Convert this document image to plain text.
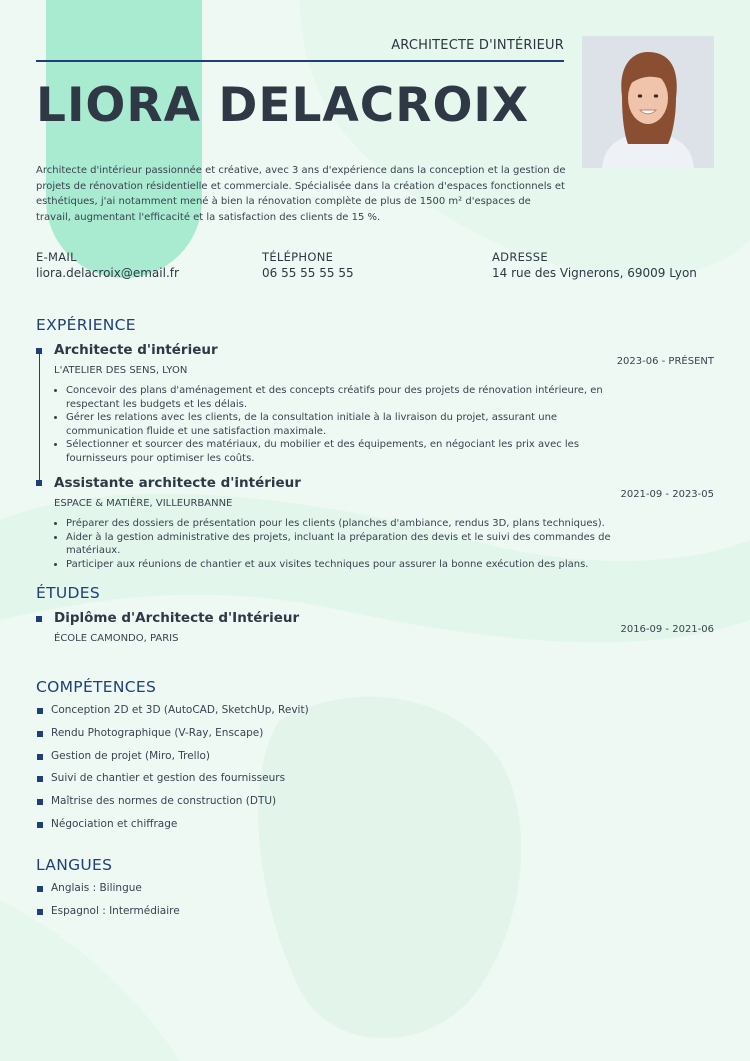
ARCHITECTE D'INTÉRIEUR
LIORA DELACROIX
Architecte d'intérieur passionnée et créative, avec 3 ans d'expérience dans la conception et la gestion de projets de rénovation résidentielle et commerciale. Spécialisée dans la création d'espaces fonctionnels et esthétiques, j'ai notamment mené à bien la rénovation complète de plus de 1500 m² d'espaces de travail, augmentant l'efficacité et la satisfaction des clients de 15 %.
E-MAIL
liora.delacroix@email.fr
TÉLÉPHONE
06 55 55 55 55
ADRESSE
14 rue des Vignerons, 69009 Lyon
EXPÉRIENCE
Architecte d'intérieur
2023-06 - PRÉSENT
L'ATELIER DES SENS, LYON
• Concevoir des plans d'aménagement et des concepts créatifs pour des projets de rénovation intérieure, en respectant les budgets et les délais.
• Gérer les relations avec les clients, de la consultation initiale à la livraison du projet, assurant une communication fluide et une satisfaction maximale.
• Sélectionner et sourcer des matériaux, du mobilier et des équipements, en négociant les prix avec les fournisseurs pour optimiser les coûts.
Assistante architecte d'intérieur
2021-09 - 2023-05
ESPACE & MATIÈRE, VILLEURBANNE
• Préparer des dossiers de présentation pour les clients (planches d'ambiance, rendus 3D, plans techniques).
• Aider à la gestion administrative des projets, incluant la préparation des devis et le suivi des commandes de matériaux.
• Participer aux réunions de chantier et aux visites techniques pour assurer la bonne exécution des plans.
ÉTUDES
Diplôme d'Architecte d'Intérieur
2016-09 - 2021-06
ÉCOLE CAMONDO, PARIS
COMPÉTENCES
Conception 2D et 3D (AutoCAD, SketchUp, Revit)
Rendu Photographique (V-Ray, Enscape)
Gestion de projet (Miro, Trello)
Suivi de chantier et gestion des fournisseurs
Maîtrise des normes de construction (DTU)
Négociation et chiffrage
LANGUES
Anglais : Bilingue
Espagnol : Intermédiaire
